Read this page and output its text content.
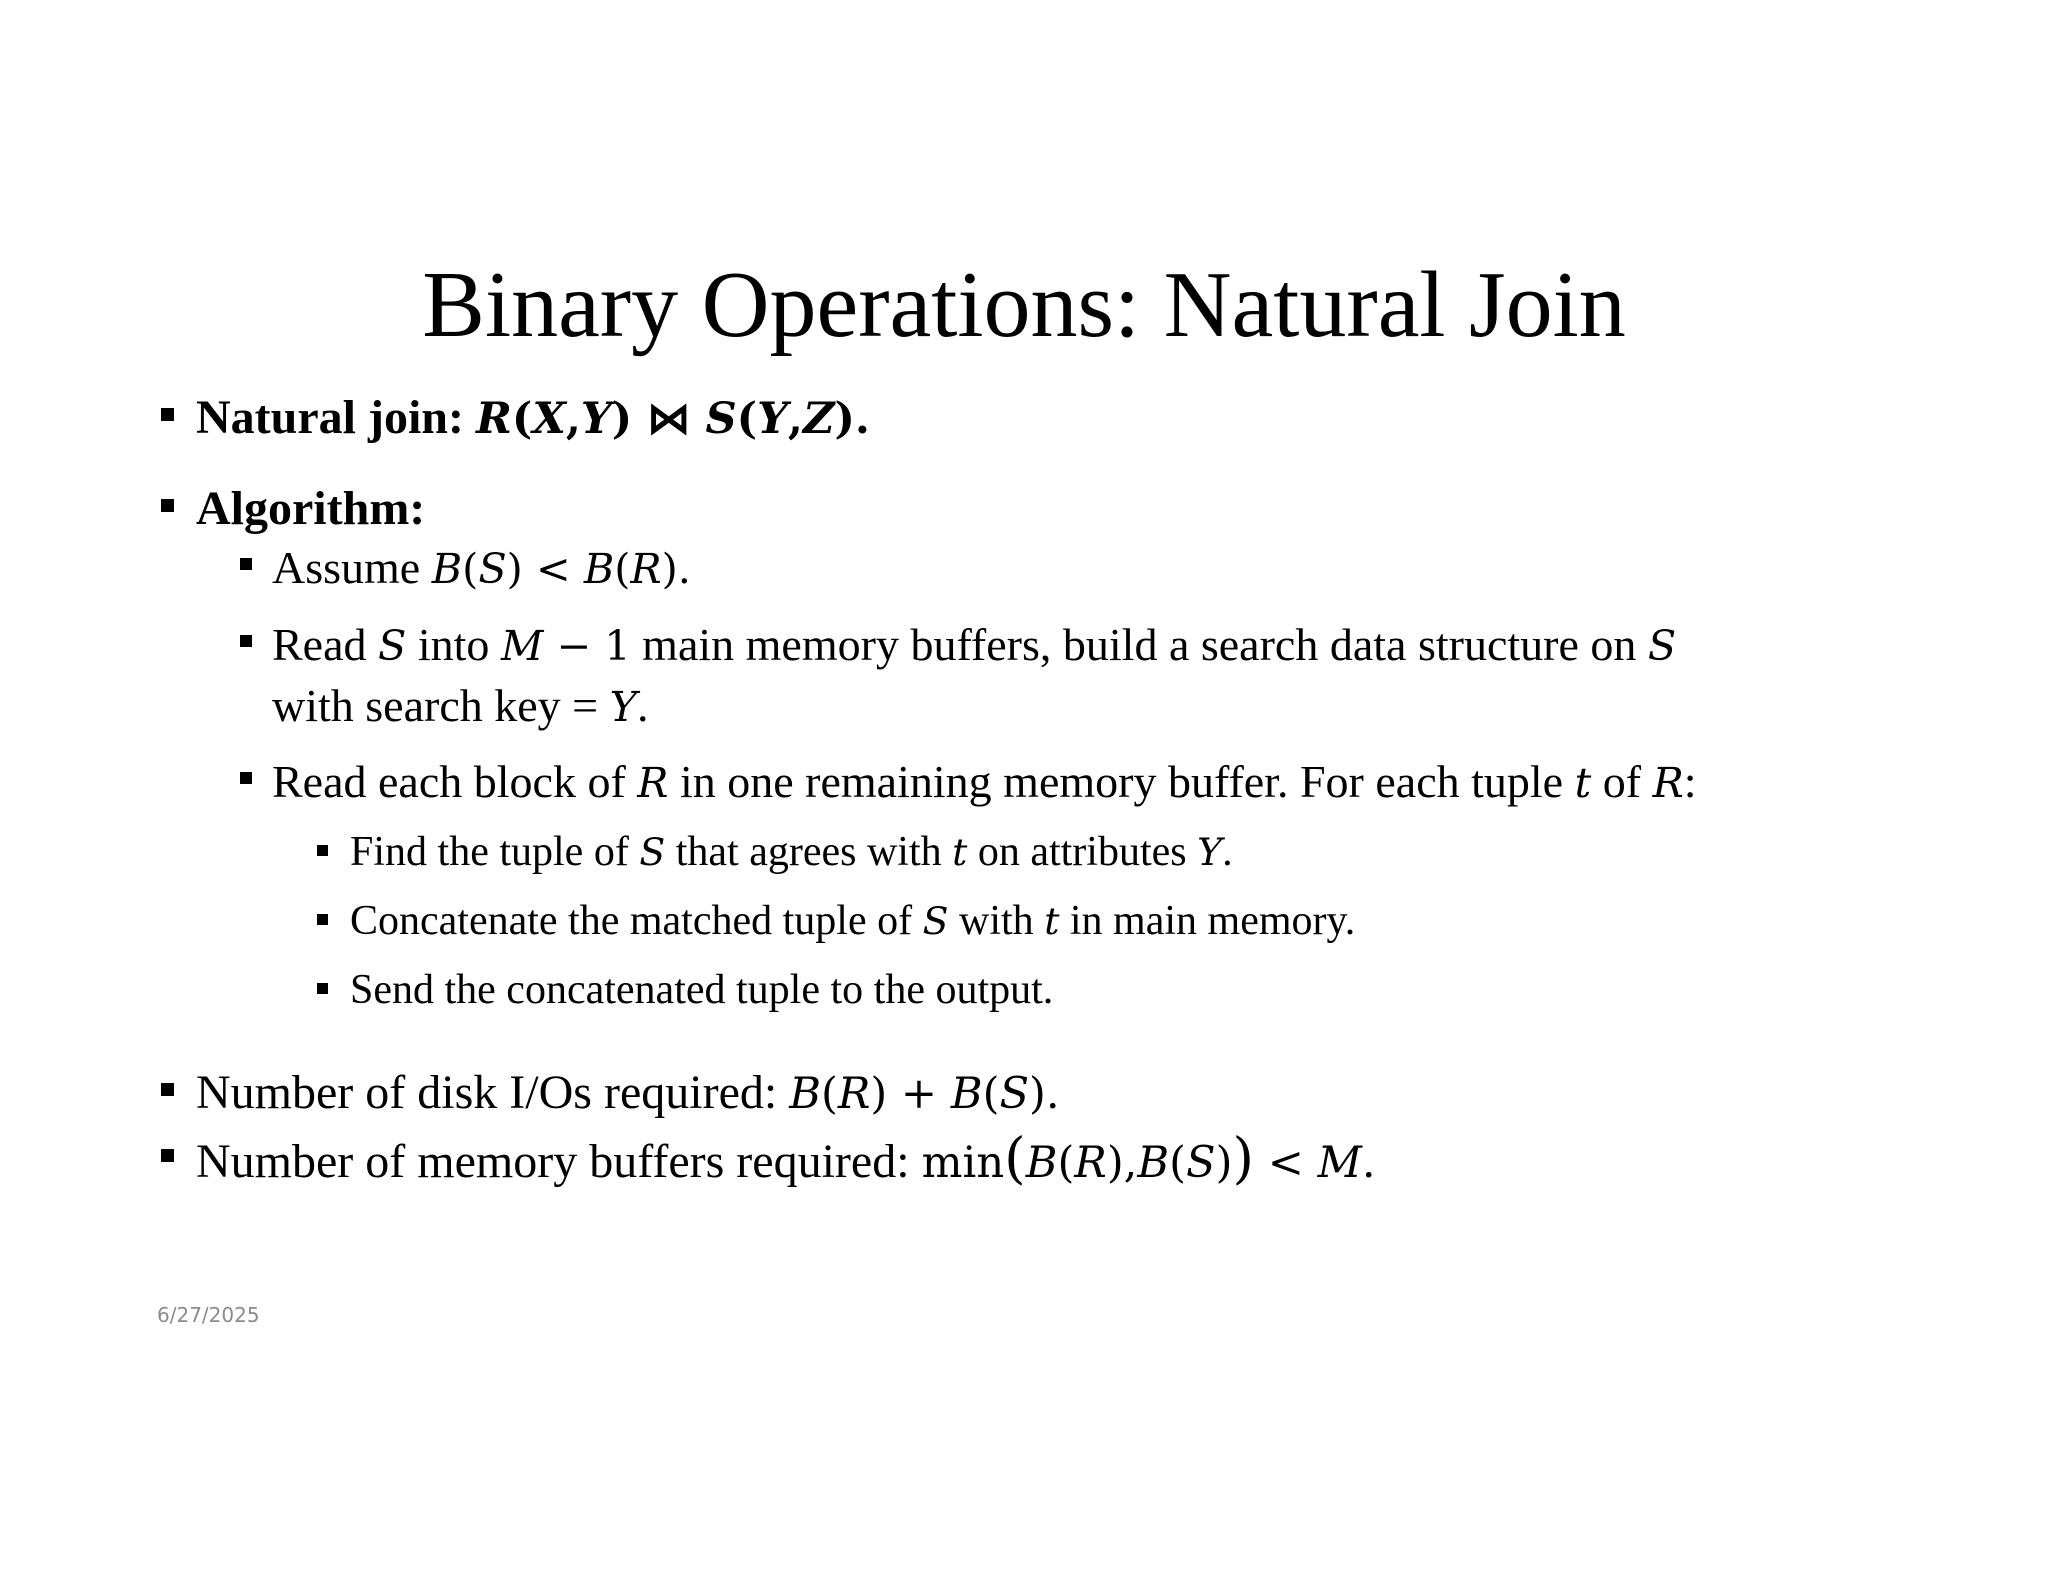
Binary Operations: Natural Join
Natural join: R(X,Y) ⋈ S(Y,Z).
Algorithm:
Assume B(S) < B(R).
Read S into M − 1 main memory buffers, build a search data structure on S
with search key = Y.
Read each block of R in one remaining memory buffer. For each tuple t of R:
Find the tuple of S that agrees with t on attributes Y.
Concatenate the matched tuple of S with t in main memory.
Send the concatenated tuple to the output.
Number of disk I/Os required: B(R) + B(S).
Number of memory buffers required: min(B(R),B(S)) < M.
6/27/2025
